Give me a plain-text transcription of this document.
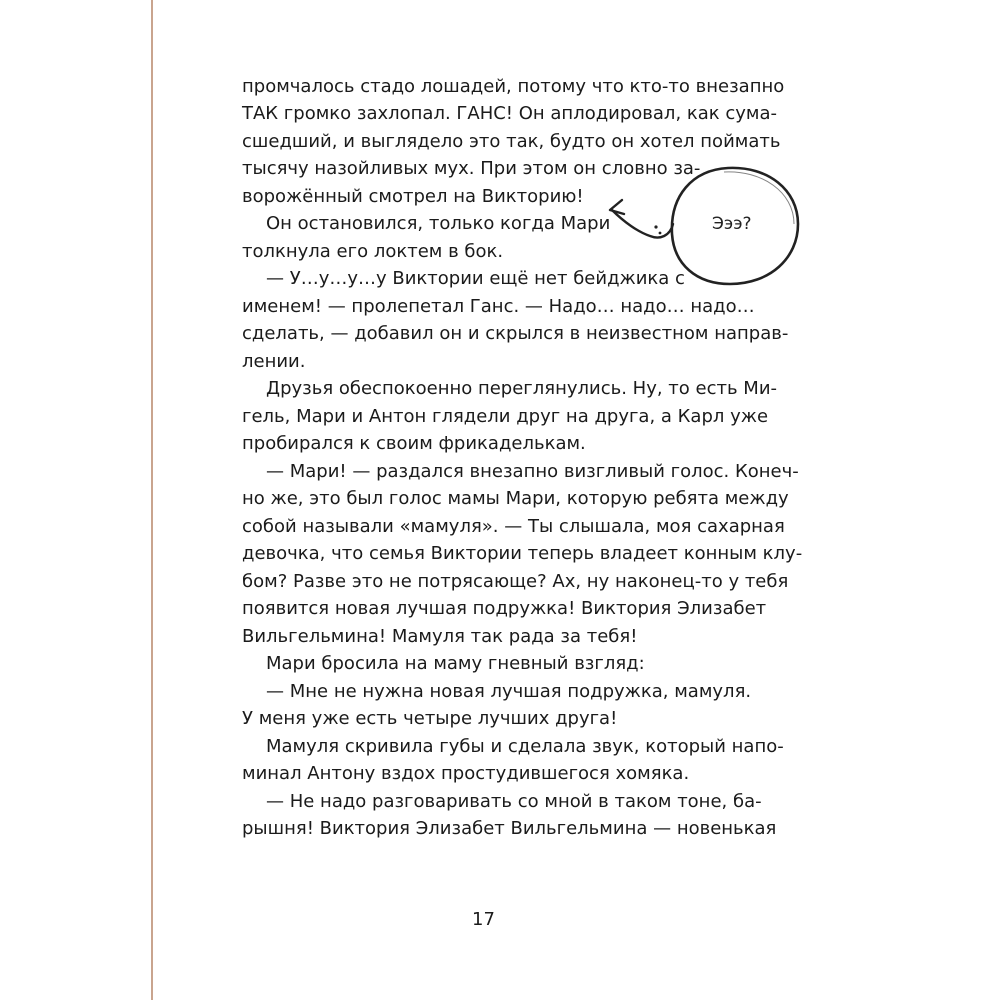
промчалось стадо лошадей, потому что кто-то внезапно
ТАК громко захлопал. ГАНС! Он аплодировал, как сума-
сшедший, и выглядело это так, будто он хотел поймать
тысячу назойливых мух. При этом он словно за-
ворожённый смотрел на Викторию!
Он остановился, только когда Мари
толкнула его локтем в бок.
— У…у…у…у Виктории ещё нет бейджика с
именем! — пролепетал Ганс. — Надо… надо… надо…
сделать, — добавил он и скрылся в неизвестном направ-
лении.
Друзья обеспокоенно переглянулись. Ну, то есть Ми-
гель, Мари и Антон глядели друг на друга, а Карл уже
пробирался к своим фрикаделькам.
— Мари! — раздался внезапно визгливый голос. Конеч-
но же, это был голос мамы Мари, которую ребята между
собой называли «мамуля». — Ты слышала, моя сахарная
девочка, что семья Виктории теперь владеет конным клу-
бом? Разве это не потрясающе? Ах, ну наконец-то у тебя
появится новая лучшая подружка! Виктория Элизабет
Вильгельмина! Мамуля так рада за тебя!
Мари бросила на маму гневный взгляд:
— Мне не нужна новая лучшая подружка, мамуля.
У меня уже есть четыре лучших друга!
Мамуля скривила губы и сделала звук, который напо-
минал Антону вздох простудившегося хомяка.
— Не надо разговаривать со мной в таком тоне, ба-
рышня! Виктория Элизабет Вильгельмина — новенькая
Эээ?
17
